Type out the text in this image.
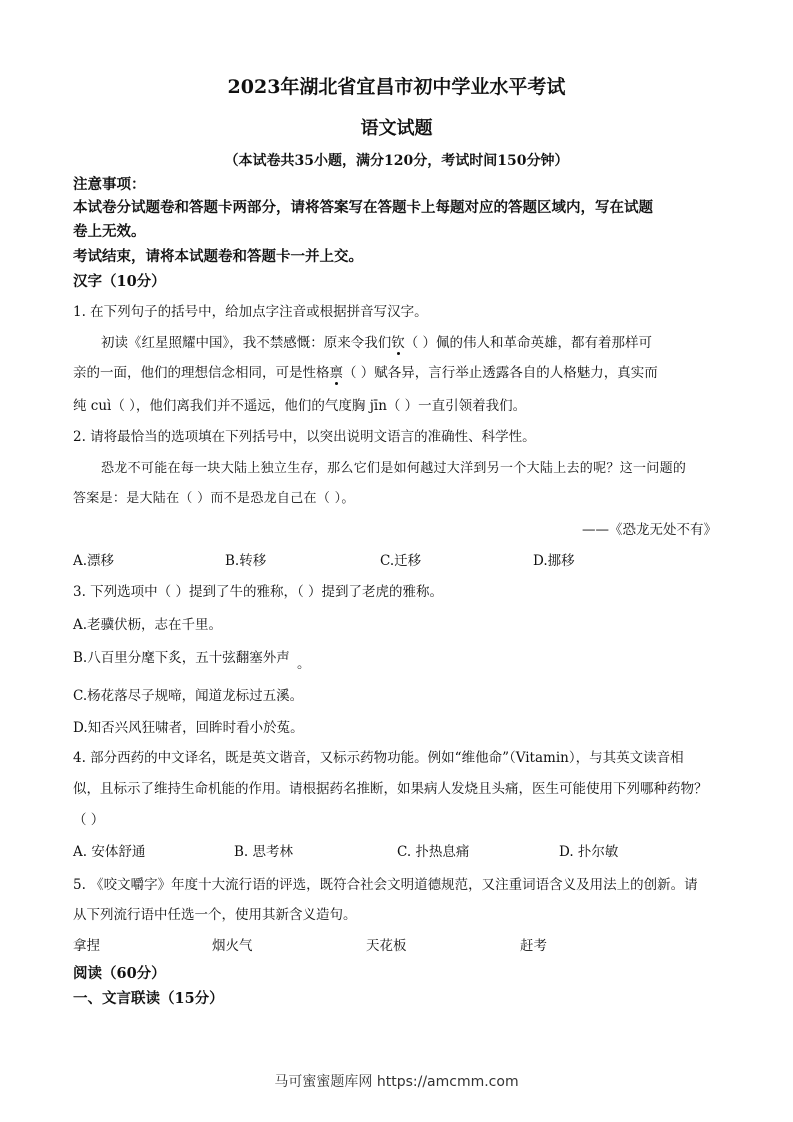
2023年湖北省宜昌市初中学业水平考试
语文试题
（本试卷共35小题，满分120分，考试时间150分钟）
注意事项：
本试卷分试题卷和答题卡两部分，请将答案写在答题卡上每题对应的答题区域内，写在试题
卷上无效。
考试结束，请将本试题卷和答题卡一并上交。
汉字（10分）
1. 在下列句子的括号中，给加点字注音或根据拼音写汉字。
初读《红星照耀中国》，我不禁感慨：原来令我们钦（ ）佩的伟人和革命英雄，都有着那样可
亲的一面，他们的理想信念相同，可是性格禀（ ）赋各异，言行举止透露各自的人格魅力，真实而
纯 cuì（ ），他们离我们并不遥远，他们的气度胸 jīn（ ）一直引领着我们。
2. 请将最恰当的选项填在下列括号中，以突出说明文语言的准确性、科学性。
恐龙不可能在每一块大陆上独立生存，那么它们是如何越过大洋到另一个大陆上去的呢？这一问题的
答案是：是大陆在（ ）而不是恐龙自己在（ ）。
——《恐龙无处不有》
A.漂移	B.转移	C.迁移	D.挪移
3. 下列选项中（ ）提到了牛的雅称，（ ）提到了老虎的雅称。
A.老骥伏枥，志在千里。
B.八百里分麾下炙，五十弦翻塞外声 。
C.杨花落尽子规啼，闻道龙标过五溪。
D.知否兴风狂啸者，回眸时看小於菟。
4. 部分西药的中文译名，既是英文谐音，又标示药物功能。例如“维他命”（Vitamin），与其英文读音相
似，且标示了维持生命机能的作用。请根据药名推断，如果病人发烧且头痛，医生可能使用下列哪种药物？
（ ）
A. 安体舒通	B. 思考林	C. 扑热息痛	D. 扑尔敏
5. 《咬文嚼字》年度十大流行语的评选，既符合社会文明道德规范，又注重词语含义及用法上的创新。请
从下列流行语中任选一个，使用其新含义造句。
拿捏	烟火气	天花板	赶考
阅读（60分）
一、文言联读（15分）
马可蜜蜜题库网 https://amcmm.com
